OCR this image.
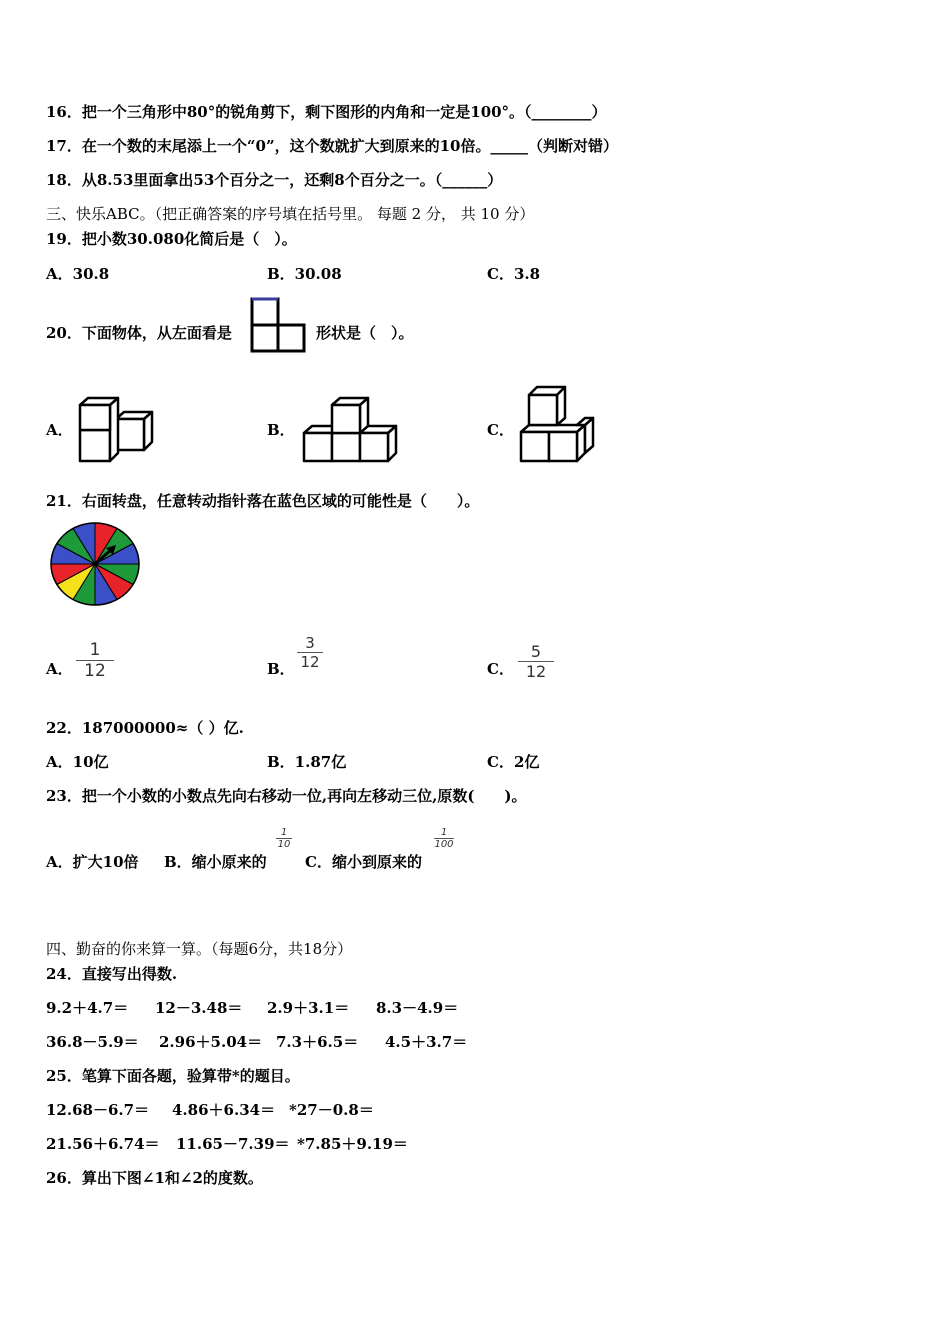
16．把一个三角形中80°的锐角剪下，剩下图形的内角和一定是100°。（________）
17．在一个数的末尾添上一个“0”，这个数就扩大到原来的10倍。_____（判断对错）
18．从8.53里面拿出53个百分之一，还剩8个百分之一。（______）
三、快乐ABC。（把正确答案的序号填在括号里。 每题 2 分， 共 10 分）
19．把小数30.080化简后是（　）。
A．30.8	B．30.08	C．3.8
20．下面物体，从左面看是	形状是（　）。
A．	B．	C．
21．右面转盘，任意转动指针落在蓝色区域的可能性是（　　）。
A．
1
12	B．
3
12	C．
5
12
22．187000000≈（ ）亿.
A．10亿	B．1.87亿	C．2亿
23．把一个小数的小数点先向右移动一位,再向左移动三位,原数(　　)。
A．扩大10倍 B．缩小原来的
1
10
C．缩小到原来的
1
100
四、勤奋的你来算一算。（每题6分，共18分）
24．直接写出得数.
9.2＋4.7＝ 12－3.48＝ 2.9＋3.1＝ 8.3－4.9＝
36.8－5.9＝ 2.96＋5.04＝ 7.3＋6.5＝ 4.5＋3.7＝
25．笔算下面各题，验算带*的题目。
12.68－6.7＝ 4.86＋6.34＝ *27－0.8＝
21.56＋6.74＝ 11.65－7.39＝ *7.85＋9.19＝
26．算出下图∠1和∠2的度数。
